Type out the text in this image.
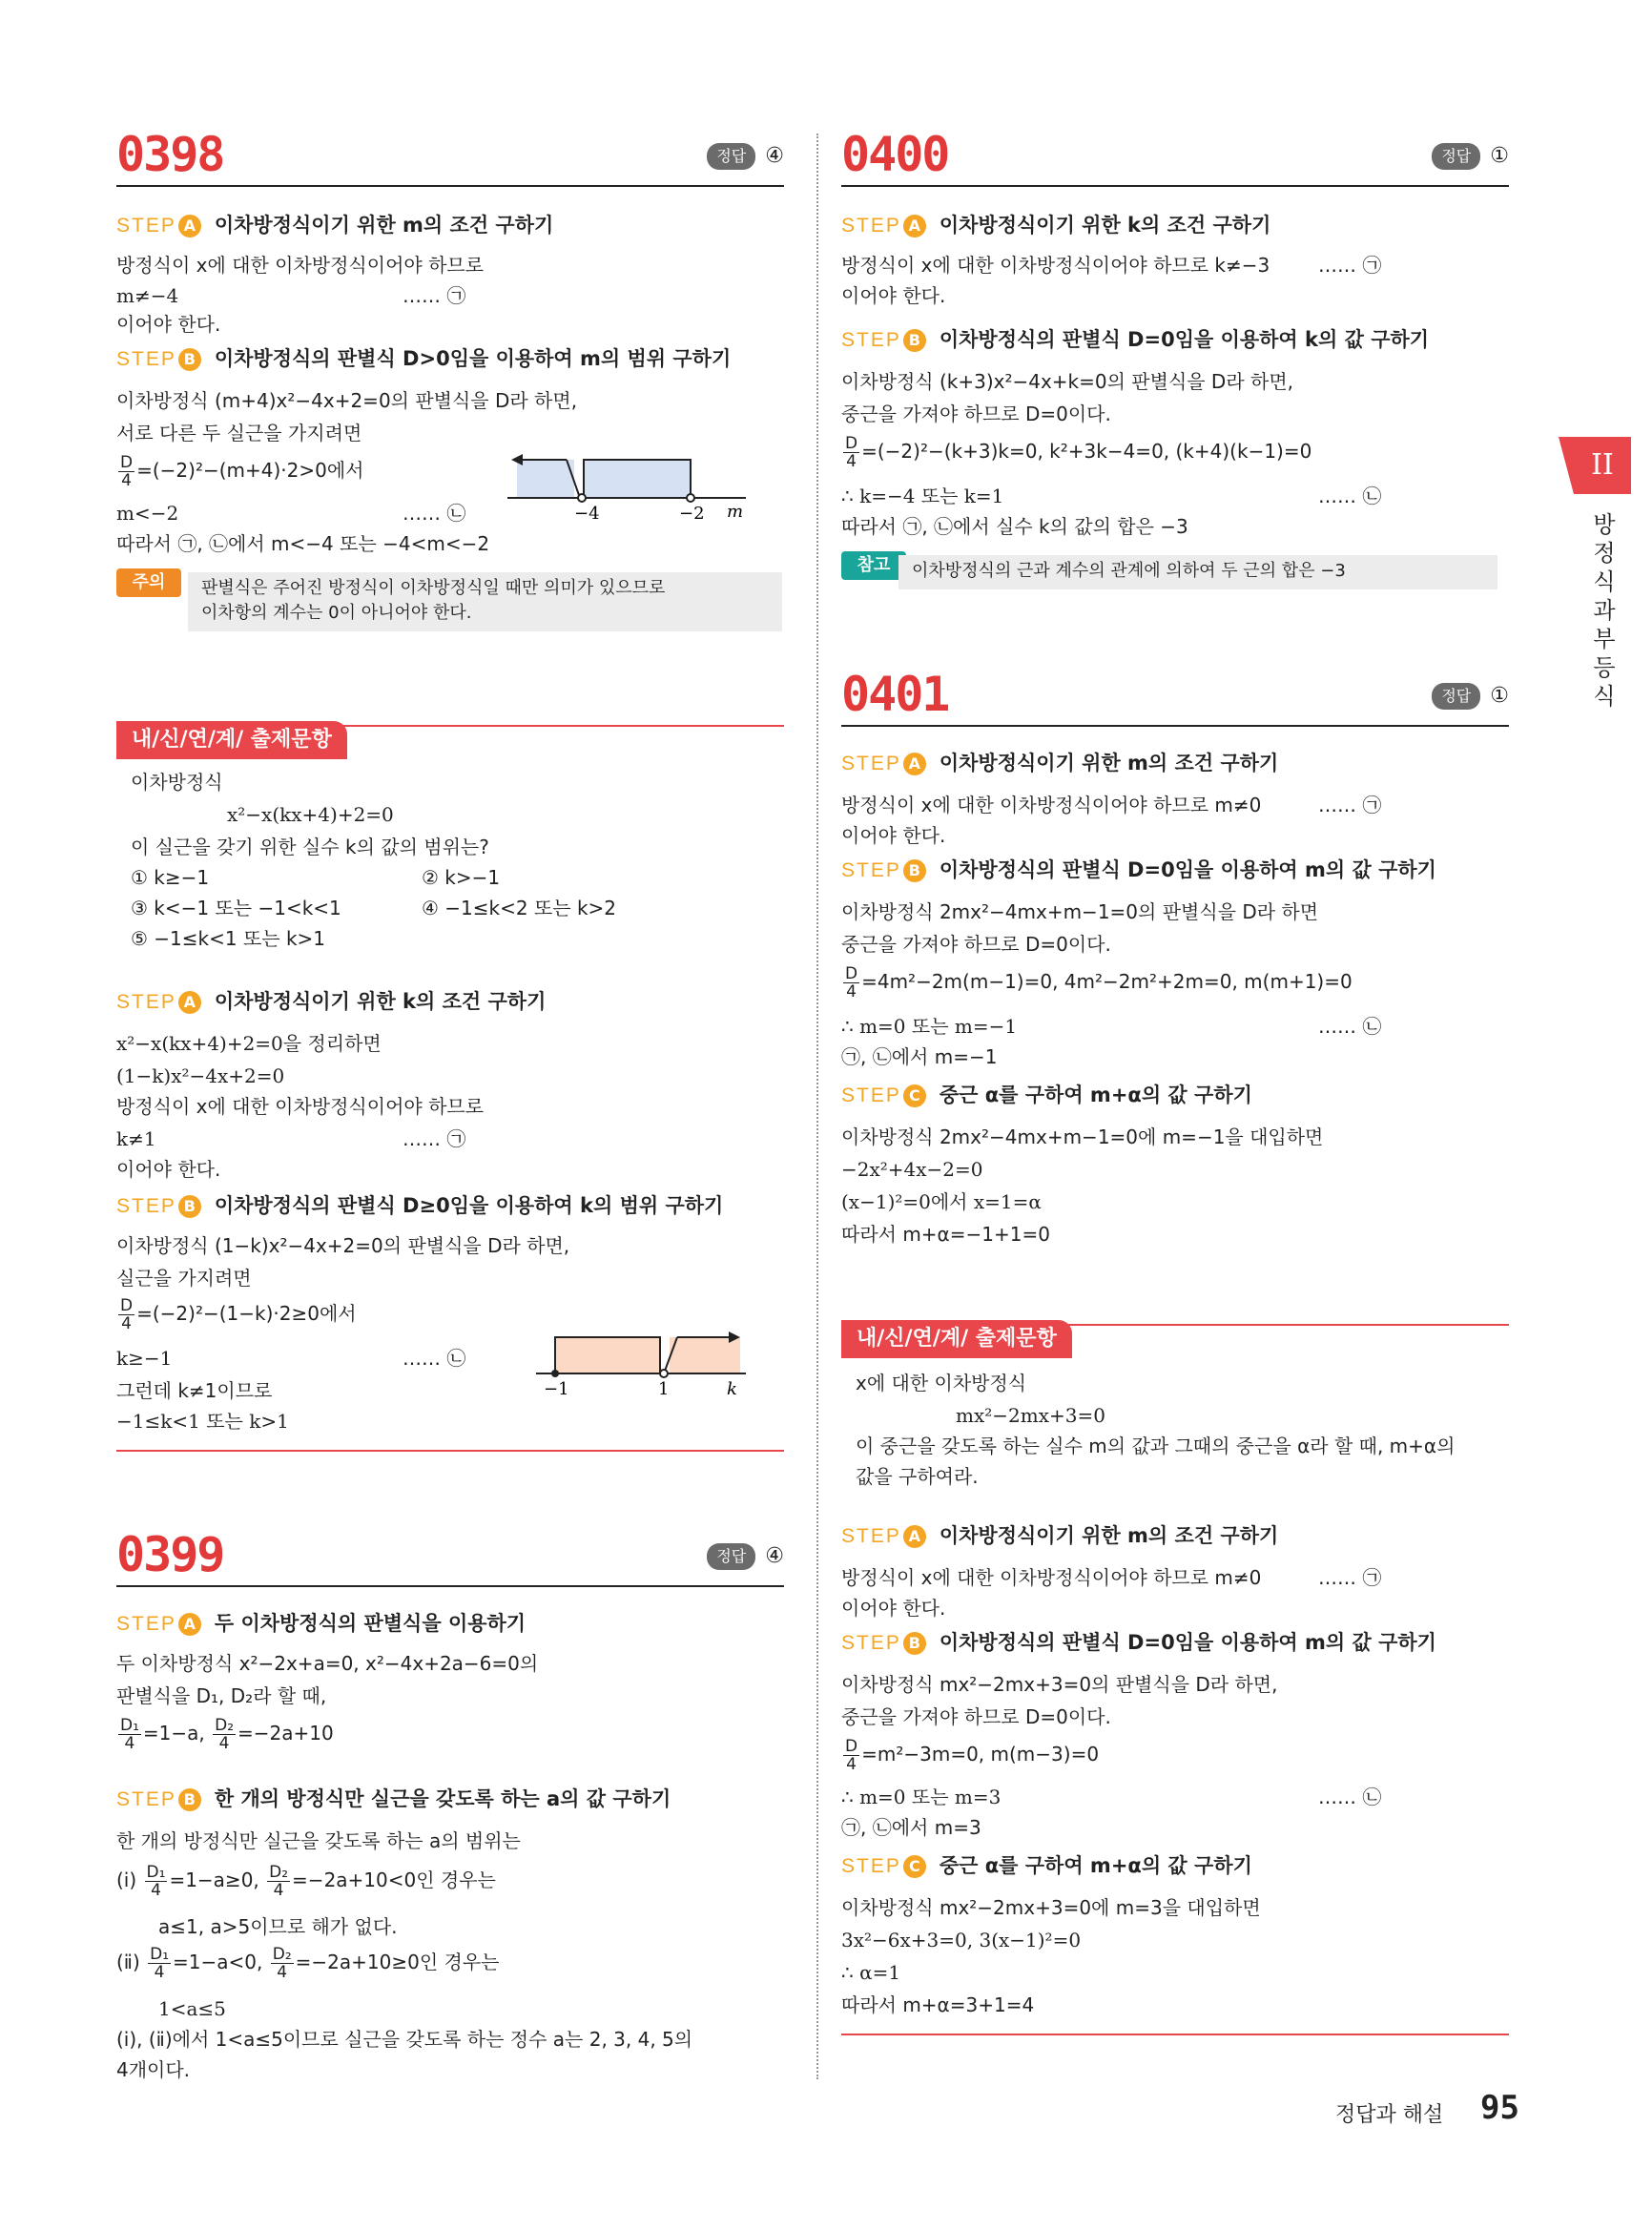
0398	정답 ④
STEP A 이차방정식이기 위한 m의 조건 구하기
방정식이 x에 대한 이차방정식이어야 하므로
m≠−4	…… ㉠
이어야 한다.
STEP B 이차방정식의 판별식 D>0임을 이용하여 m의 범위 구하기
이차방정식 (m+4)x²−4x+2=0의 판별식을 D라 하면,
서로 다른 두 실근을 가지려면
$\frac{D}{4} =(-2)^2-(m+4)\cdot 2>0$에서
m<−2	…… ㉡
따라서 ㉠, ㉡에서 m<−4 또는 −4<m<−2
−4	−2 m
주의	판별식은 주어진 방정식이 이차방정식일 때만 의미가 있으므로
이차항의 계수는 0이 아니어야 한다.
내/신/연/계/ 출제문항
이차방정식
x²−x(kx+4)+2=0
이 실근을 갖기 위한 실수 k의 값의 범위는?
① k≥−1	② k>−1
③ k<−1 또는 −1<k<1	④ −1≤k<2 또는 k>2
⑤ −1≤k<1 또는 k>1
STEP A 이차방정식이기 위한 k의 조건 구하기
x²−x(kx+4)+2=0을 정리하면
(1−k)x²−4x+2=0
방정식이 x에 대한 이차방정식이어야 하므로
k≠1	…… ㉠
이어야 한다.
STEP B 이차방정식의 판별식 D≥0임을 이용하여 k의 범위 구하기
이차방정식 (1−k)x²−4x+2=0의 판별식을 D라 하면,
실근을 가지려면
$\frac{D}{4} =(-2)^2-(1-k)\cdot 2\ge 0$에서
k≥−1	…… ㉡
그런데 k≠1이므로
−1≤k<1 또는 k>1
−1	1	k
0399	정답 ④
STEP A 두 이차방정식의 판별식을 이용하기
두 이차방정식 x²−2x+a=0, x²−4x+2a−6=0의
판별식을 D₁, D₂라 할 때,
$\frac{\text{D₁}}{4} =1-a$, $\frac{\text{D₂}}{4} =-2a+10$
STEP B 한 개의 방정식만 실근을 갖도록 하는 a의 값 구하기
한 개의 방정식만 실근을 갖도록 하는 a의 범위는
(ⅰ) $\frac{\text{D₁}}{4} =1-a\ge 0$, $\frac{\text{D₂}}{4} =-2a+10<0$인 경우는
a≤1, a>5이므로 해가 없다.
(ⅱ) $\frac{\text{D₁}}{4} =1-a<0$, $\frac{\text{D₂}}{4} =-2a+10\ge 0$인 경우는
1<a≤5
(ⅰ), (ⅱ)에서 1<a≤5이므로 실근을 갖도록 하는 정수 a는 2, 3, 4, 5의
4개이다.
0400	정답 ①
STEP A 이차방정식이기 위한 k의 조건 구하기
방정식이 x에 대한 이차방정식이어야 하므로 k≠−3	…… ㉠
이어야 한다.
STEP B 이차방정식의 판별식 D=0임을 이용하여 k의 값 구하기
이차방정식 (k+3)x²−4x+k=0의 판별식을 D라 하면,
중근을 가져야 하므로 D=0이다.
$\frac{D}{4} =(-2)^2-(k+3)k=0$, k²+3k−4=0, (k+4)(k−1)=0
∴ k=−4 또는 k=1	…… ㉡
따라서 ㉠, ㉡에서 실수 k의 값의 합은 −3
참고	이차방정식의 근과 계수의 관계에 의하여 두 근의 합은 −3
0401	정답 ①
STEP A 이차방정식이기 위한 m의 조건 구하기
방정식이 x에 대한 이차방정식이어야 하므로 m≠0	…… ㉠
이어야 한다.
STEP B 이차방정식의 판별식 D=0임을 이용하여 m의 값 구하기
이차방정식 2mx²−4mx+m−1=0의 판별식을 D라 하면
중근을 가져야 하므로 D=0이다.
$\frac{D}{4} =4m^2-2m(m-1)=0$, 4m²−2m²+2m=0, m(m+1)=0
∴ m=0 또는 m=−1	…… ㉡
㉠, ㉡에서 m=−1
STEP C 중근 α를 구하여 m+α의 값 구하기
이차방정식 2mx²−4mx+m−1=0에 m=−1을 대입하면
−2x²+4x−2=0
(x−1)²=0에서 x=1=α
따라서 m+α=−1+1=0
내/신/연/계/ 출제문항
x에 대한 이차방정식
mx²−2mx+3=0
이 중근을 갖도록 하는 실수 m의 값과 그때의 중근을 α라 할 때, m+α의
값을 구하여라.
STEP A 이차방정식이기 위한 m의 조건 구하기
방정식이 x에 대한 이차방정식이어야 하므로 m≠0	…… ㉠
이어야 한다.
STEP B 이차방정식의 판별식 D=0임을 이용하여 m의 값 구하기
이차방정식 mx²−2mx+3=0의 판별식을 D라 하면,
중근을 가져야 하므로 D=0이다.
$\frac{D}{4} =m^2-3m=0$, m(m−3)=0
∴ m=0 또는 m=3	…… ㉡
㉠, ㉡에서 m=3
STEP C 중근 α를 구하여 m+α의 값 구하기
이차방정식 mx²−2mx+3=0에 m=3을 대입하면
3x²−6x+3=0, 3(x−1)²=0
∴ α=1
따라서 m+α=3+1=4
II
방정식과 부등식
정답과 해설 95
